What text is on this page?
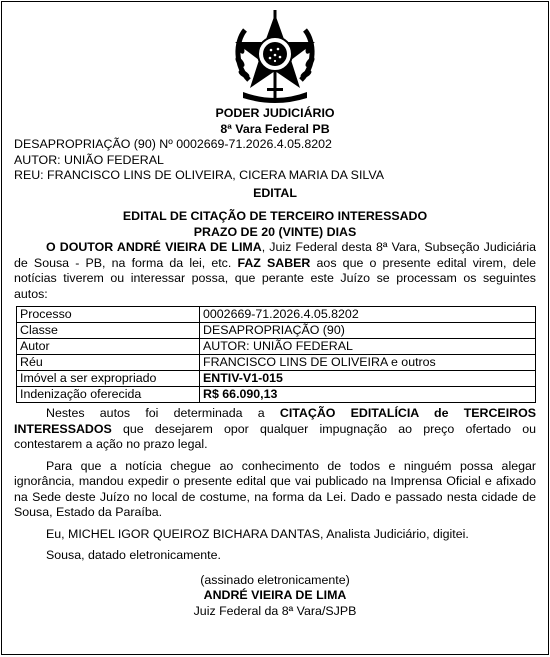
PODER JUDICIÁRIO
8ª Vara Federal PB
DESAPROPRIAÇÃO (90) Nº 0002669-71.2026.4.05.8202
AUTOR: UNIÃO FEDERAL
REU: FRANCISCO LINS DE OLIVEIRA, CICERA MARIA DA SILVA
EDITAL
EDITAL DE CITAÇÃO DE TERCEIRO INTERESSADO
PRAZO DE 20 (VINTE) DIAS

O DOUTOR ANDRÉ VIEIRA DE LIMA, Juiz Federal desta 8ª Vara, Subseção Judiciária de Sousa - PB, na forma da lei, etc. FAZ SABER aos que o presente edital virem, dele notícias tiverem ou interessar possa, que perante este Juízo se processam os seguintes autos:

Processo	0002669-71.2026.4.05.8202
Classe	DESAPROPRIAÇÃO (90)
Autor	AUTOR: UNIÃO FEDERAL
Réu	FRANCISCO LINS DE OLIVEIRA e outros
Imóvel a ser expropriado	ENTIV-V1-015
Indenização oferecida	R$ 66.090,13

Nestes autos foi determinada a CITAÇÃO EDITALÍCIA de TERCEIROS INTERESSADOS que desejarem opor qualquer impugnação ao preço ofertado ou contestarem a ação no prazo legal.

Para que a notícia chegue ao conhecimento de todos e ninguém possa alegar ignorância, mandou expedir o presente edital que vai publicado na Imprensa Oficial e afixado na Sede deste Juízo no local de costume, na forma da Lei. Dado e passado nesta cidade de Sousa, Estado da Paraíba.

Eu, MICHEL IGOR QUEIROZ BICHARA DANTAS, Analista Judiciário, digitei.

Sousa, datado eletronicamente.

(assinado eletronicamente)
ANDRÉ VIEIRA DE LIMA
Juiz Federal da 8ª Vara/SJPB
